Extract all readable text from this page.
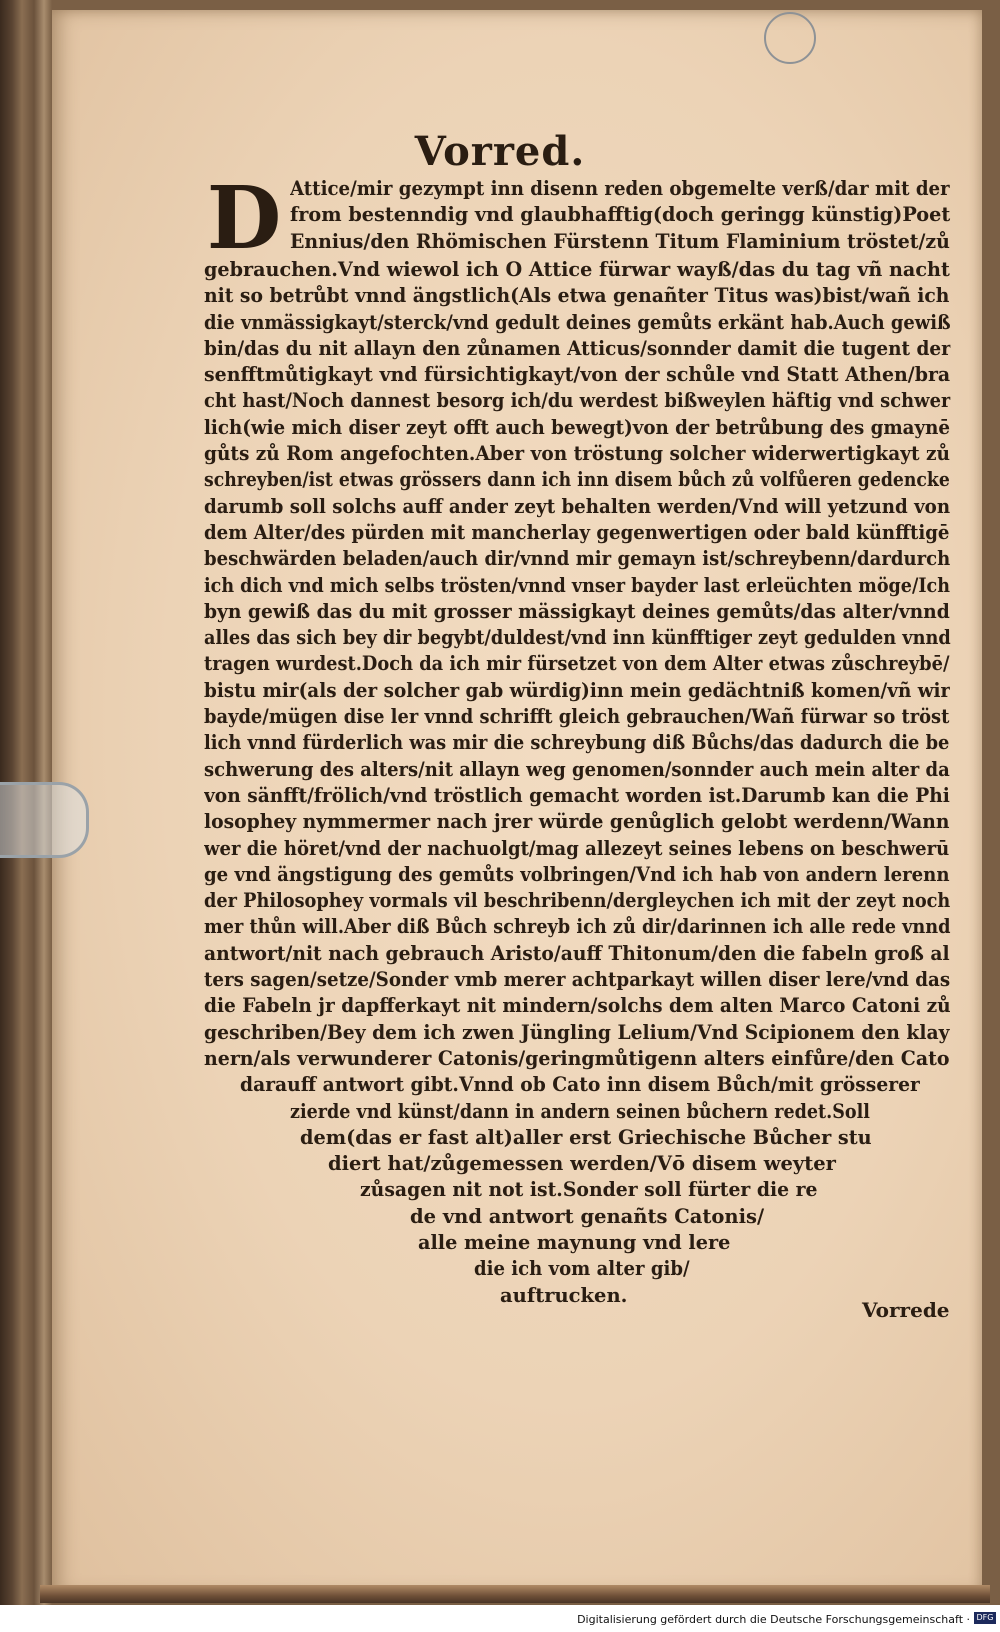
Vorred.
D Attice/mir gezympt inn disenn reden obgemelte verß/dar mit der
from bestenndig vnd glaubhafftig(doch geringg künstig)Poet
Ennius/den Rhömischen Fürstenn Titum Flaminium tröstet/zů
gebrauchen.Vnd wiewol ich O Attice fürwar wayß/das du tag vñ nacht
nit so betrůbt vnnd ängstlich(Als etwa genañter Titus was)bist/wañ ich
die vnmässigkayt/sterck/vnd gedult deines gemůts erkänt hab.Auch gewiß
bin/das du nit allayn den zůnamen Atticus/sonnder damit die tugent der
senfftmůtigkayt vnd fürsichtigkayt/von der schůle vnd Statt Athen/bra
cht hast/Noch dannest besorg ich/du werdest bißweylen häftig vnd schwer
lich(wie mich diser zeyt offt auch bewegt)von der betrůbung des gmaynē
gůts zů Rom angefochten.Aber von tröstung solcher widerwertigkayt zů
schreyben/ist etwas grössers dann ich inn disem bůch zů volfůeren gedencke
darumb soll solchs auff ander zeyt behalten werden/Vnd will yetzund von
dem Alter/des pürden mit mancherlay gegenwertigen oder bald künfftigē
beschwärden beladen/auch dir/vnnd mir gemayn ist/schreybenn/dardurch
ich dich vnd mich selbs trösten/vnnd vnser bayder last erleüchten möge/Ich
byn gewiß das du mit grosser mässigkayt deines gemůts/das alter/vnnd
alles das sich bey dir begybt/duldest/vnd inn künfftiger zeyt gedulden vnnd
tragen wurdest.Doch da ich mir fürsetzet von dem Alter etwas zůschreybē/
bistu mir(als der solcher gab würdig)inn mein gedächtniß komen/vñ wir
bayde/mügen dise ler vnnd schrifft gleich gebrauchen/Wañ fürwar so tröst
lich vnnd fürderlich was mir die schreybung diß Bůchs/das dadurch die be
schwerung des alters/nit allayn weg genomen/sonnder auch mein alter da
von sänfft/frölich/vnd tröstlich gemacht worden ist.Darumb kan die Phi
losophey nymmermer nach jrer würde genůglich gelobt werdenn/Wann
wer die höret/vnd der nachuolgt/mag allezeyt seines lebens on beschwerū
ge vnd ängstigung des gemůts volbringen/Vnd ich hab von andern lerenn
der Philosophey vormals vil beschribenn/dergleychen ich mit der zeyt noch
mer thůn will.Aber diß Bůch schreyb ich zů dir/darinnen ich alle rede vnnd
antwort/nit nach gebrauch Aristo/auff Thitonum/den die fabeln groß al
ters sagen/setze/Sonder vmb merer achtparkayt willen diser lere/vnd das
die Fabeln jr dapfferkayt nit mindern/solchs dem alten Marco Catoni zů
geschriben/Bey dem ich zwen Jüngling Lelium/Vnd Scipionem den klay
nern/als verwunderer Catonis/geringmůtigenn alters einfůre/den Cato
darauff antwort gibt.Vnnd ob Cato inn disem Bůch/mit grösserer
zierde vnd künst/dann in andern seinen bůchern redet.Soll
dem(das er fast alt)aller erst Griechische Bůcher stu
diert hat/zůgemessen werden/Vō disem weyter
zůsagen nit not ist.Sonder soll fürter die re
de vnd antwort genañts Catonis/
alle meine maynung vnd lere
die ich vom alter gib/
auftrucken.
Vorrede
Digitalisierung gefördert durch die Deutsche Forschungsgemeinschaft · DFG
